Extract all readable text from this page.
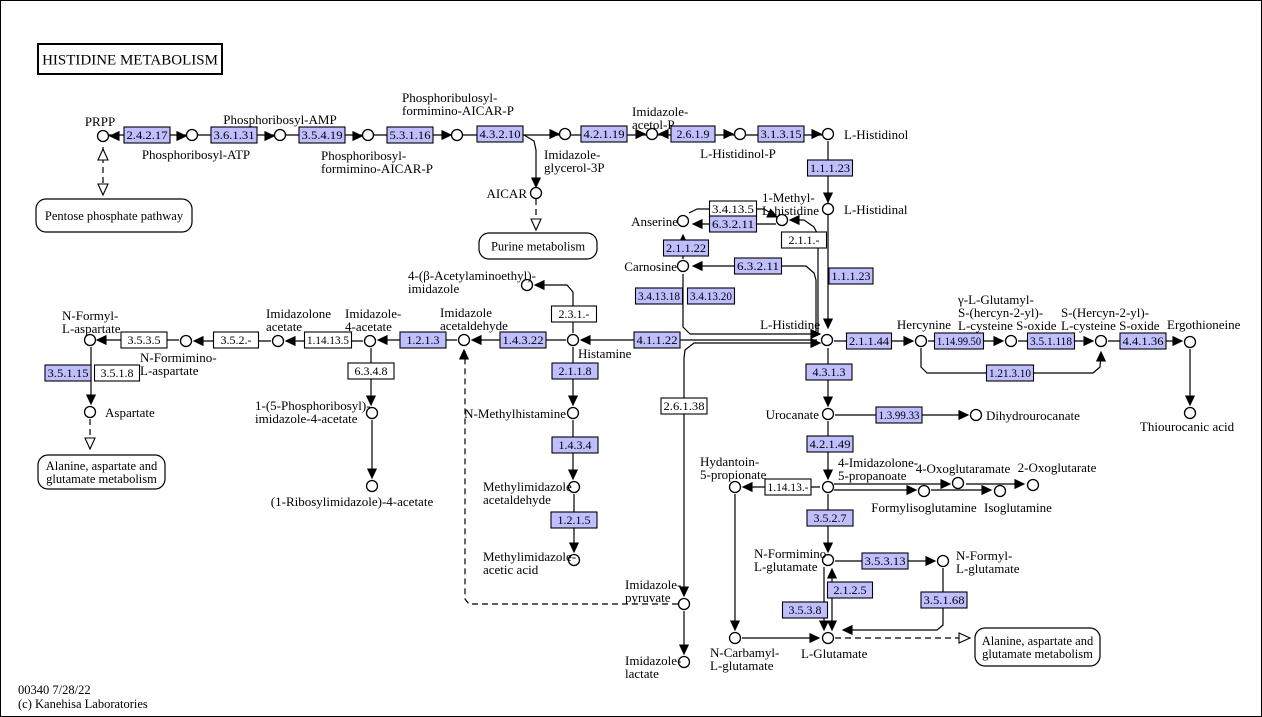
2.4.2.17	3.6.1.31	3.5.4.19	5.3.1.16	4.3.2.10	4.2.1.19	2.6.1.9	3.1.3.15
1.1.1.23
3.4.13.5
6.3.2.11
2.1.1.-
2.1.1.22
6.3.2.11
1.1.1.23
3.4.13.18 3.4.13.20
2.3.1.-
1.2.1.3	1.4.3.22	4.1.1.22	2.1.1.44	1.14.99.50	3.5.1.118	4.4.1.36
1.21.3.10
3.5.3.5	3.5.2.-	1.14.13.5
3.5.1.15 3.5.1.8	6.3.4.8	2.1.1.8
1.4.3.4
1.2.1.5
2.6.1.38
4.3.1.3
1.3.99.33
4.2.1.49
1.14.13.-
3.5.2.7
3.5.3.13
2.1.2.5
3.5.3.8
3.5.1.68
Pentose phosphate pathway
Purine metabolism
Alanine, aspartate and
glutamate metabolism
Alanine, aspartate and
glutamate metabolism
PRPP
Phosphoribosyl-ATP
Phosphoribosyl-AMP
Phosphoribosyl-formimino-AICAR-P
Phosphoribulosyl-formimino-AICAR-P
Imidazole-glycerol-3P
AICAR
Imidazole-acetol-P
L-Histidinol-P
L-Histidinol
1-Methyl-L-histidine L-Histidinal
Anserine
Carnosine
L-Histidine
Histamine
4-(β-Acetylaminoethyl)-imidazole
Imidazole acetaldehyde
Imidazole-4-acetate
Imidazolone acetate
N-Formyl-L-aspartate
N-Formimino-L-aspartate
Aspartate	1-(5-Phosphoribosyl)-imidazole-4-acetate
(1-Ribosylimidazole)-4-acetate
N-Methylhistamine
Methylimidazole acetaldehyde
Methylimidazole-acetic acid
Imidazole-pyruvate
Imidazole-lactate
Urocanate	Dihydrourocanate
Hydantoin-5-propionate
4-Imidazolone-5-propanoate 4-Oxoglutaramate 2-Oxoglutarate
Formylisoglutamine Isoglutamine
N-Formimino-L-glutamate
N-Formyl-L-glutamate
N-Carbamyl-L-glutamate
L-Glutamate
Hercynine
γ-L-Glutamyl-S-(hercyn-2-yl)-L-cysteine S-oxide
S-(Hercyn-2-yl)-L-cysteine S-oxide Ergothioneine
Thiourocanic acid
HISTIDINE METABOLISM
00340 7/28/22
(c) Kanehisa Laboratories
